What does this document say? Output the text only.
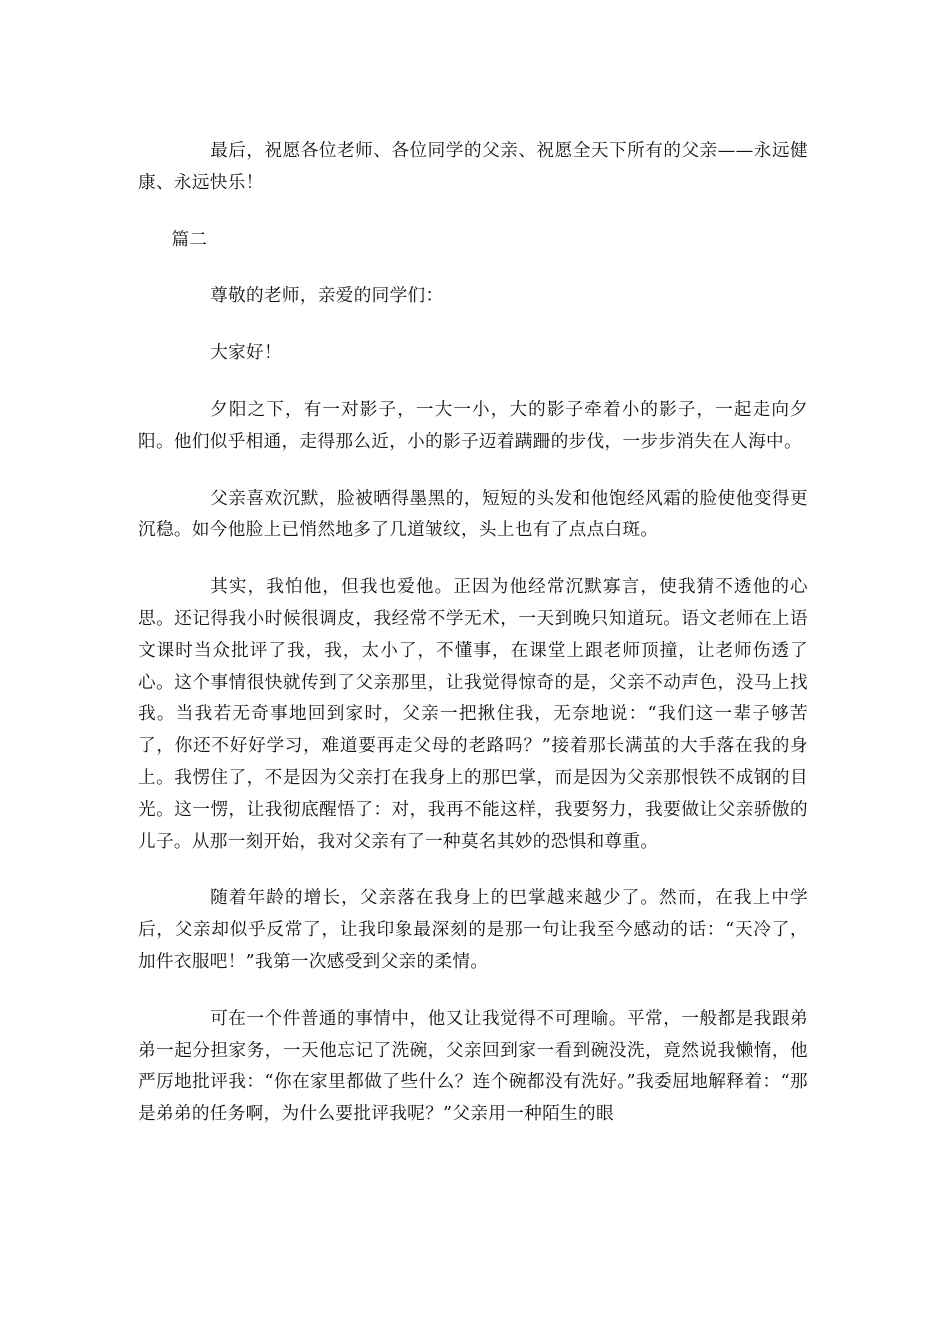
最后，祝愿各位老师、各位同学的父亲、祝愿全天下所有的父亲——永远健康、永远快乐！

篇二

尊敬的老师，亲爱的同学们：

大家好！

夕阳之下，有一对影子，一大一小，大的影子牵着小的影子，一起走向夕阳。他们似乎相通，走得那么近，小的影子迈着蹒跚的步伐，一步步消失在人海中。

父亲喜欢沉默，脸被晒得墨黑的，短短的头发和他饱经风霜的脸使他变得更沉稳。如今他脸上已悄然地多了几道皱纹，头上也有了点点白斑。

其实，我怕他，但我也爱他。正因为他经常沉默寡言，使我猜不透他的心思。还记得我小时候很调皮，我经常不学无术，一天到晚只知道玩。语文老师在上语文课时当众批评了我，我，太小了，不懂事，在课堂上跟老师顶撞，让老师伤透了心。这个事情很快就传到了父亲那里，让我觉得惊奇的是，父亲不动声色，没马上找我。当我若无奇事地回到家时，父亲一把揪住我，无奈地说：“我们这一辈子够苦了，你还不好好学习，难道要再走父母的老路吗？”接着那长满茧的大手落在我的身上。我愣住了，不是因为父亲打在我身上的那巴掌，而是因为父亲那恨铁不成钢的目光。这一愣，让我彻底醒悟了：对，我再不能这样，我要努力，我要做让父亲骄傲的儿子。从那一刻开始，我对父亲有了一种莫名其妙的恐惧和尊重。

随着年龄的增长，父亲落在我身上的巴掌越来越少了。然而，在我上中学后，父亲却似乎反常了，让我印象最深刻的是那一句让我至今感动的话：“天冷了，加件衣服吧！”我第一次感受到父亲的柔情。

可在一个件普通的事情中，他又让我觉得不可理喻。平常，一般都是我跟弟弟一起分担家务，一天他忘记了洗碗，父亲回到家一看到碗没洗，竟然说我懒惰，他严厉地批评我：“你在家里都做了些什么？连个碗都没有洗好。”我委屈地解释着：“那是弟弟的任务啊，为什么要批评我呢？”父亲用一种陌生的眼
